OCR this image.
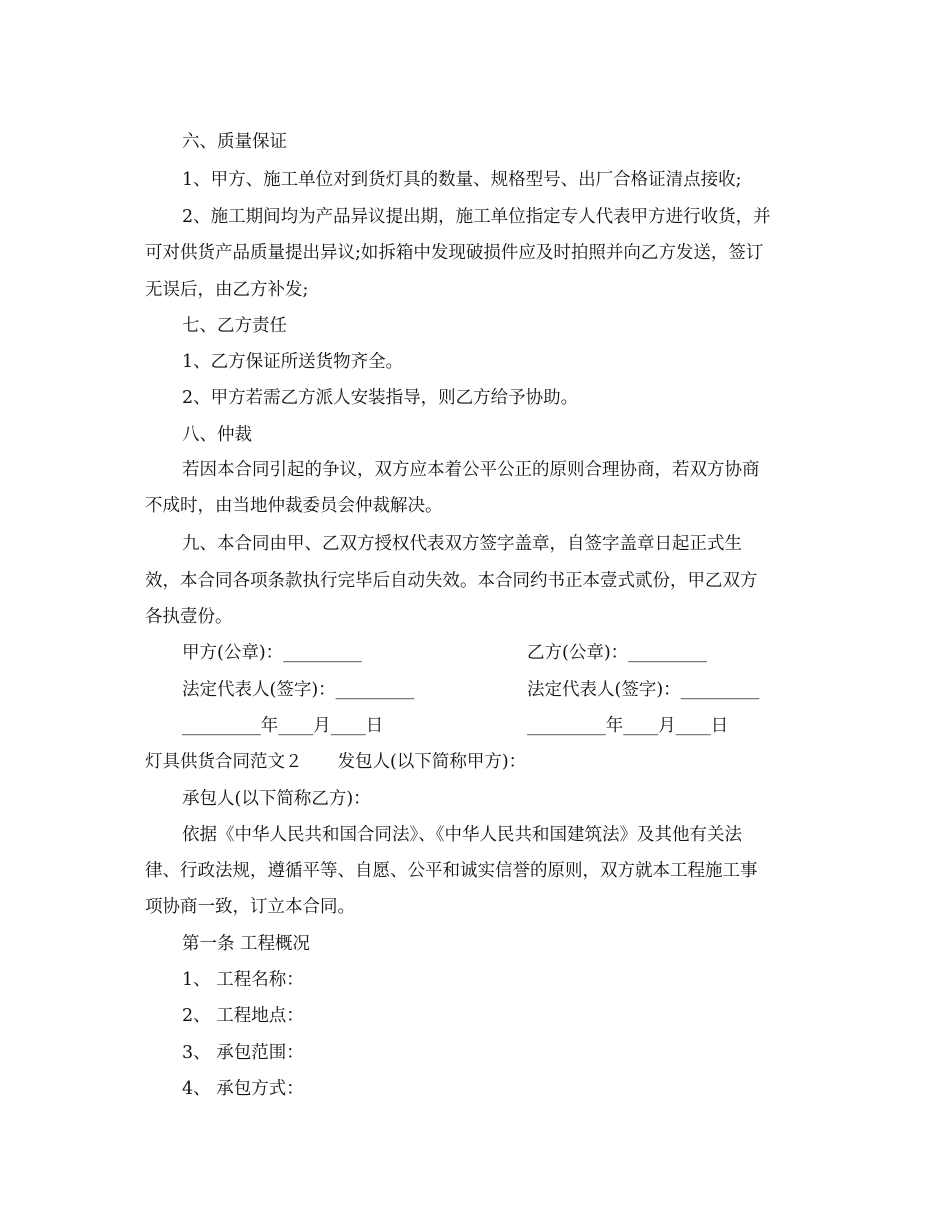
六、质量保证
1、甲方、施工单位对到货灯具的数量、规格型号、出厂合格证清点接收;
2、施工期间均为产品异议提出期，施工单位指定专人代表甲方进行收货，并
可对供货产品质量提出异议;如拆箱中发现破损件应及时拍照并向乙方发送，签订
无误后，由乙方补发;
七、乙方责任
1、乙方保证所送货物齐全。
2、甲方若需乙方派人安装指导，则乙方给予协助。
八、仲裁
若因本合同引起的争议，双方应本着公平公正的原则合理协商，若双方协商
不成时，由当地仲裁委员会仲裁解决。
九、本合同由甲、乙双方授权代表双方签字盖章，自签字盖章日起正式生
效，本合同各项条款执行完毕后自动失效。本合同约书正本壹式贰份，甲乙双方
各执壹份。
甲方(公章)：_________	乙方(公章)：_________
法定代表人(签字)：_________	法定代表人(签字)：_________
_________年____月____日	_________年____月____日
灯具供货合同范文２　　发包人(以下简称甲方)：
承包人(以下简称乙方)：
依据《中华人民共和国合同法》、《中华人民共和国建筑法》及其他有关法
律、行政法规，遵循平等、自愿、公平和诚实信誉的原则，双方就本工程施工事
项协商一致，订立本合同。
第一条 工程概况
1、 工程名称：
2、 工程地点：
3、 承包范围：
4、 承包方式：
